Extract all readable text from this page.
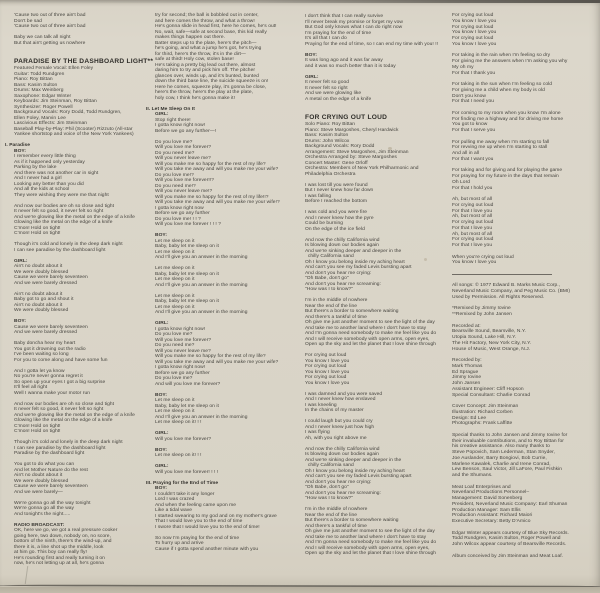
'Cause two out of three ain't bad
Don't be sad
'Cause two out of three ain't bad

Baby we can talk all night
But that ain't getting us nowhere

PARADISE BY THE DASHBOARD LIGHT**
Featured Female Vocal: Ellen Foley
Guitar: Todd Rundgren
Piano: Roy Bittan
Bass: Kasim Sulton
Drums: Max Weinberg
Saxophone: Edgar Winter
Keyboards: Jim Steinman, Roy Bittan
Synthesizer: Roger Powell
Background Vocals: Rory Dodd, Todd Rundgren,
Ellen Foley, Marvin Lee
Lascivious Effects: Jim Steinman
Baseball Play-by-Play: Phil (Scooter) Rizzuto (All-star
Yankee shortstop and voice of the New York Yankees)

I. Paradise
BOY:
I remember every little thing
As if it happened only yesterday
Parking by the lake
And there was not another car in sight
And I never had a girl
Looking any better than you did
And all the kids at school
They were wishing they were me that night

And now our bodies are oh so close and tight
It never felt so good, it never felt so right
And we're glowing like the metal on the edge of a knife
Glowing like the metal on the edge of a knife
C'mon! Hold on tight!
C'mon! Hold on tight!

Though it's cold and lonely in the deep dark night
I can see paradise by the dashboard light

GIRL:
Ain't no doubt about it
We were doubly blessed
Cause we were barely seventeen
And we were barely dressed

Ain't no doubt about it
Baby got to go and shout it
Ain't no doubt about it
We were doubly blessed

BOY:
Cause we were barely seventeen
And we were barely dressed

Baby doncha hear my heart
You got it drowning out the radio
I've been waiting so long
For you to come along and have some fun

And I gotta let ya know
No you're never gonna regret it
So open up your eyes I got a big surprise
It'll feel all right
Well I wanna make your motor run

And now our bodies are oh so close and tight
It never felt so good, it never felt so right
And we're glowing like the metal on the edge of a knife
Glowing like the metal on the edge of a knife
C'mon! Hold on tight!
C'mon! Hold on tight!

Though it's cold and lonely in the deep dark night
I can see paradise by the dashboard light
Paradise by the dashboard light

You got to do what you can
And let Mother Nature do the rest
Ain't no doubt about it
We were doubly blessed
Cause we were barely seventeen
And we were barely—

We're gonna go all the way tonight
We're gonna go all the way
And tonight's the night.....

RADIO BROADCAST:
OK, here we go, we got a real pressure cooker
going here, two down, nobody on, no score,
bottom of the ninth, there's the wind-up, and
there it is, a line shot up the middle, look
at him go. This boy can really fly!
He's rounding first and really turning it on
now, he's not letting up at all, he's gonna
try for second; the ball is bobbled out in center,
and here comes the throw, and what a throw!
He's gonna slide in head first, here he comes, he's out!
No, wait, safe—safe at second base, this kid really
makes things happen out there.
Batter steps up to the plate, here's the pitch—
he's going, and what a jump he's got, he's trying
for third, here's the throw, it's in the dirt—
safe at third! Holy cow, stolen base!
He's taking a pretty big lead out there, almost
daring him to try and pick him off. The pitcher
glances over, winds up, and it's bunted, bunted
down the third base line, the suicide squeeze is on!
Here he comes, squeeze play, it's gonna be close,
here's the throw, here's the play at the plate,
holy cow, I think he's gonna make it!

II. Let Me Sleep On It
GIRL:
Stop right there!
I gotta know right now!
Before we go any further—!

Do you love me?
Will you love me forever?
Do you need me?
Will you never leave me?
Will you make me so happy for the rest of my life?
Will you take me away and will you make me your wife?
Do you love me!?
Will you love me forever!!?
Do you need me!?
Will you never leave me!?
Will you make me so happy for the rest of my life!!?
Will you take me away and will you make me your wife!?
I gotta know right now
Before we go any further
Do you love me! ! ! ?
Will you love me forever ! ! ! ?

BOY:
Let me sleep on it
Baby, baby let me sleep on it
Let me sleep on it
And I'll give you an answer in the morning

Let me sleep on it
Baby, baby let me sleep on it
Let me sleep on it
And I'll give you an answer in the morning

Let me sleep on it
Baby, baby let me sleep on it
Let me sleep on it
And I'll give you an answer in the morning

GIRL:
I gotta know right now!
Do you love me?
Will you love me forever?
Do you need me?
Will you never leave me?
Will you make me so happy for the rest of my life?
Will you take me away and will you make me your wife?
I gotta know right now!
Before we go any further
Do you love me?
And will you love me forever?

BOY:
Let me sleep on it
Baby, baby let me sleep on it
Let me sleep on it
And I'll give you an answer in the morning
Let me sleep on it! ! !

GIRL:
Will you love me forever?

BOY:
Let me sleep on it! ! !

GIRL:
Will you love me forever! ! ! !

III. Praying for the End of Time
BOY:
I couldn't take it any longer
Lord I was crazed
And when the feeling came upon me
Like a tidal wave
I started swearing to my god and on my mother's grave
That I would love you to the end of time
I swore that I would love you to the end of time!

So now I'm praying for the end of time
To hurry up and arrive
Cause if I gotta spend another minute with you
I don't think that I can really survive
I'll never break my promise or forget my vow
But God only knows what I can do right now
I'm praying for the end of time
It's all that I can do
Praying for the end of time, so I can end my time with you! !!

BOY:
It was long ago and it was far away
and it was so much better than it is today

GIRL:
It never felt so good
It never felt so right
And we were glowing like
A metal on the edge of a knife

FOR CRYING OUT LOUD
Solo Piano: Roy Bittan
Piano: Steve Margoshes, Cheryl Hardwick
Bass: Kasim Sulton
Drums: John Wilcox
Background Vocals: Rory Dodd
Arrangement: Steve Margoshes, Jim Steinman
Orchestra Arranged by: Steve Margoshes
Concert Master: Gene Orloff
Orchestra: Members of New York Philharmonic and
Philadelphia Orchestra

I was lost till you were found
But I never knew how far down
I was falling
Before I reached the bottom

I was cold and you were fire
And I never knew how the pyre
Could be burning
On the edge of the ice field

And now the chilly California wind
Is blowing down our bodies again
And we're sinking deeper and deeper in the
chilly California sand
Oh I know you belong inside my aching heart
And can't you see my faded Levis bursting apart
And don't you hear me crying:
"Oh Babe, don't go"
And don't you hear me screaming:
"How was I to know?"

I'm in the middle of nowhere
Near the end of the line
But there's a border to somewhere waiting
And there's a tankful of time
Oh give me just another moment to see the light of the day
And take me to another land where I don't have to stay
And I'm gonna need somebody to make me feel like you do
And I will receive somebody with open arms, open eyes,
Open up the sky and let the planet that I love shine through

For crying out loud
You know I love you
For crying out loud
You know I love you
For crying out loud
You know I love you

I was damned and you were saved
And I never knew how enslaved
I was kneeling
In the chains of my master

I could laugh but you could cry
And I never knew just how high
I was flying
Ah, with you right above me

And now the chilly California wind
Is blowing down our bodies again
And we're sinking deeper and deeper in the
chilly California sand
Oh I know you belong inside my aching heart
And can't you see my faded Levis bursting apart
And don't you hear me crying:
"Oh Babe, don't go"
And don't you hear me screaming:
"How was I to know?"

I'm in the middle of nowhere
Near the end of the line
But there's a border to somewhere waiting
And there's a tankful of time
Oh give me just another moment to see the light of the day
And take me to another land where I don't have to stay
And I'm gonna need somebody to make me feel like you do
And I will receive somebody with open arms, open eyes,
Open up the sky and let the planet that I love shine through
For crying out loud
You know I love you
For crying out loud
You know I love you
For crying out loud
You know I love you

For taking in the rain when I'm feeling so dry
For giving me the answers when I'm asking you why
My oh my
For that I thank you

For taking in the sun when I'm feeling so cold
For giving me a child when my body is old
Don't you know
For that I need you

For coming to my room when you know I'm alone
For finding me a highway and for driving me home
You got to know
For that I serve you

For pulling me away when I'm starting to fall
For revving me up when I'm starting to stall
And all in all
For that I want you

For taking and for giving and for playing the game
For praying for my future in the days that remain
Oh Lord
For that I hold you

Ah, but most of all
For crying out loud
For that I love you
Ah, but most of all
For crying out loud
For that I love you
Ah, but most of all
For crying out loud
For that I love you

When you're crying out loud
You know I love you

All songs: © 1977 Edward B. Marks Music Corp.,
Neverland Music Company, and Peg Music Co. (BMI)
Used by Permission. All Rights Reserved.

*Remixed by Jimmy Iovine
**Remixed by John Jansen

Recorded at:
Bearsville Sound, Bearsville, N.Y.
Utopia Sound, Lake Hill, N.Y.
The Hit Factory, New York City, N.Y.
House of Music, West Orange, N.J.

Recorded by:
Mark Thomas
Ed Sprague
Jimmy Iovine
John Jansen
Assistant Engineer: Cliff Hopson
Special Consultant: Charlie Conrad

Cover Concept: Jim Steinman
Illustration: Richard Corben
Design: Ed Lee
Photographs: Frank Laffitte

Special thanks to John Jansen and Jimmy Iovine for
their invaluable contributions, and to Roy Bittan for
his creative assistance. Also many thanks to
Steve Popovich, Sam Lederman, Stan Snyder,
Joe Auslander, Barry Bongiovi, Bob Currie,
Marlene Kawalek, Charlie and Irene Conrad,
Lew Benson, Saul Victor, Jill LaFore, Paul Fishkin
and the Shumans.

Meat Loaf Enterprises and
Neverland Productions Personnel–
Management: David Sonenberg
President, Neverland Music Company: Earl Shuman
Production Manager: Sam Ellis
Production Assistant: Richard Maiori
Executive Secretary: Betty D'Amico

Edgar Winter appears courtesy of Blue Sky Records.
Todd Rundgren, Kasim Sulton, Roger Powell and
John Wilcox appear courtesy of Bearsville Records.

Album conceived by Jim Steinman and Meat Loaf.
